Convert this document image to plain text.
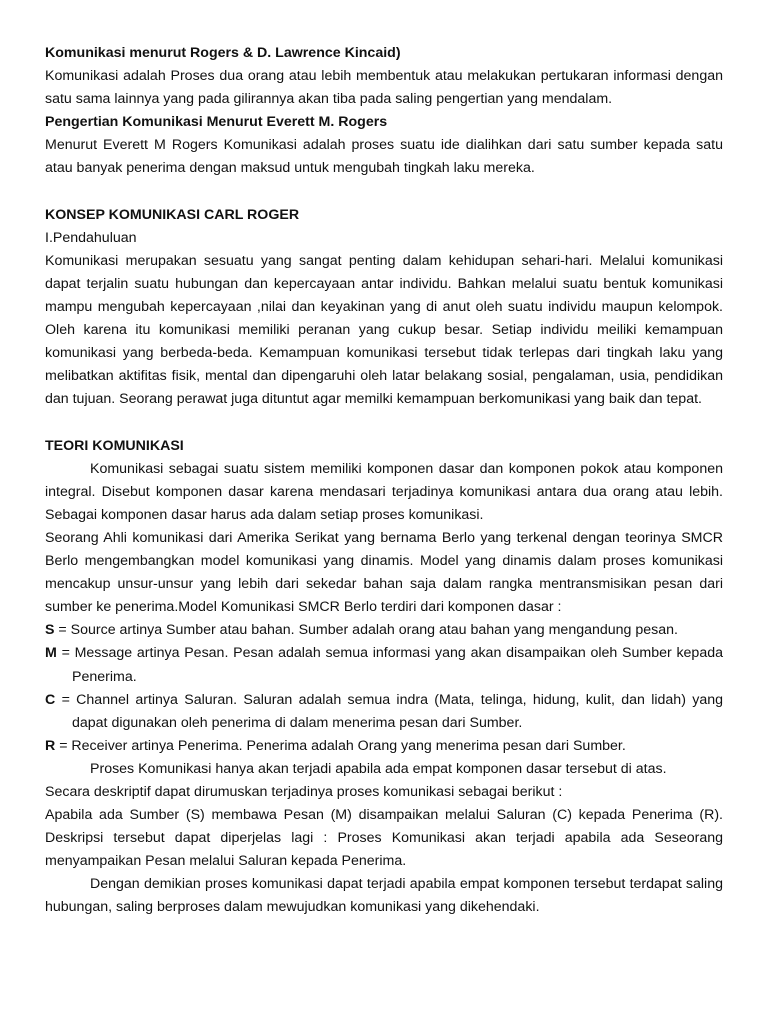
Komunikasi menurut Rogers & D. Lawrence Kincaid)

Komunikasi adalah Proses dua orang atau lebih membentuk atau melakukan pertukaran informasi dengan satu sama lainnya yang pada gilirannya akan tiba pada saling pengertian yang mendalam.

Pengertian Komunikasi Menurut Everett M. Rogers

Menurut Everett M Rogers Komunikasi adalah proses suatu ide dialihkan dari satu sumber kepada satu atau banyak penerima dengan maksud untuk mengubah tingkah laku mereka.

KONSEP KOMUNIKASI CARL ROGER

I.Pendahuluan

Komunikasi merupakan sesuatu yang sangat penting dalam kehidupan sehari-hari. Melalui komunikasi dapat terjalin suatu hubungan dan kepercayaan antar individu. Bahkan melalui suatu bentuk komunikasi mampu mengubah kepercayaan ,nilai dan keyakinan yang di anut oleh suatu individu maupun kelompok. Oleh karena itu komunikasi memiliki peranan yang cukup besar. Setiap individu meiliki kemampuan komunikasi yang berbeda-beda. Kemampuan komunikasi tersebut tidak terlepas dari tingkah laku yang melibatkan aktifitas fisik, mental dan dipengaruhi oleh latar belakang sosial, pengalaman, usia, pendidikan dan tujuan. Seorang perawat juga dituntut agar memilki kemampuan berkomunikasi yang baik dan tepat.

TEORI KOMUNIKASI

Komunikasi sebagai suatu sistem memiliki komponen dasar dan komponen pokok atau komponen integral. Disebut komponen dasar karena mendasari terjadinya komunikasi antara dua orang atau lebih. Sebagai komponen dasar harus ada dalam setiap proses komunikasi.

Seorang Ahli komunikasi dari Amerika Serikat yang bernama Berlo yang terkenal dengan teorinya SMCR Berlo mengembangkan model komunikasi yang dinamis. Model yang dinamis dalam proses komunikasi mencakup unsur-unsur yang lebih dari sekedar bahan saja dalam rangka mentransmisikan pesan dari sumber ke penerima.Model Komunikasi SMCR Berlo terdiri dari komponen dasar :

S = Source artinya Sumber atau bahan. Sumber adalah orang atau bahan yang mengandung pesan.

M = Message artinya Pesan. Pesan adalah semua informasi yang akan disampaikan oleh Sumber kepada Penerima.

C = Channel artinya Saluran. Saluran adalah semua indra (Mata, telinga, hidung, kulit, dan lidah) yang dapat digunakan oleh penerima di dalam menerima pesan dari Sumber.

R = Receiver artinya Penerima. Penerima adalah Orang yang menerima pesan dari Sumber.

Proses Komunikasi hanya akan terjadi apabila ada empat komponen dasar tersebut di atas.

Secara deskriptif dapat dirumuskan terjadinya proses komunikasi sebagai berikut :

Apabila ada Sumber (S) membawa Pesan (M) disampaikan melalui Saluran (C) kepada Penerima (R). Deskripsi tersebut dapat diperjelas lagi : Proses Komunikasi akan terjadi apabila ada Seseorang menyampaikan Pesan melalui Saluran kepada Penerima.

Dengan demikian proses komunikasi dapat terjadi apabila empat komponen tersebut terdapat saling hubungan, saling berproses dalam mewujudkan komunikasi yang dikehendaki.
